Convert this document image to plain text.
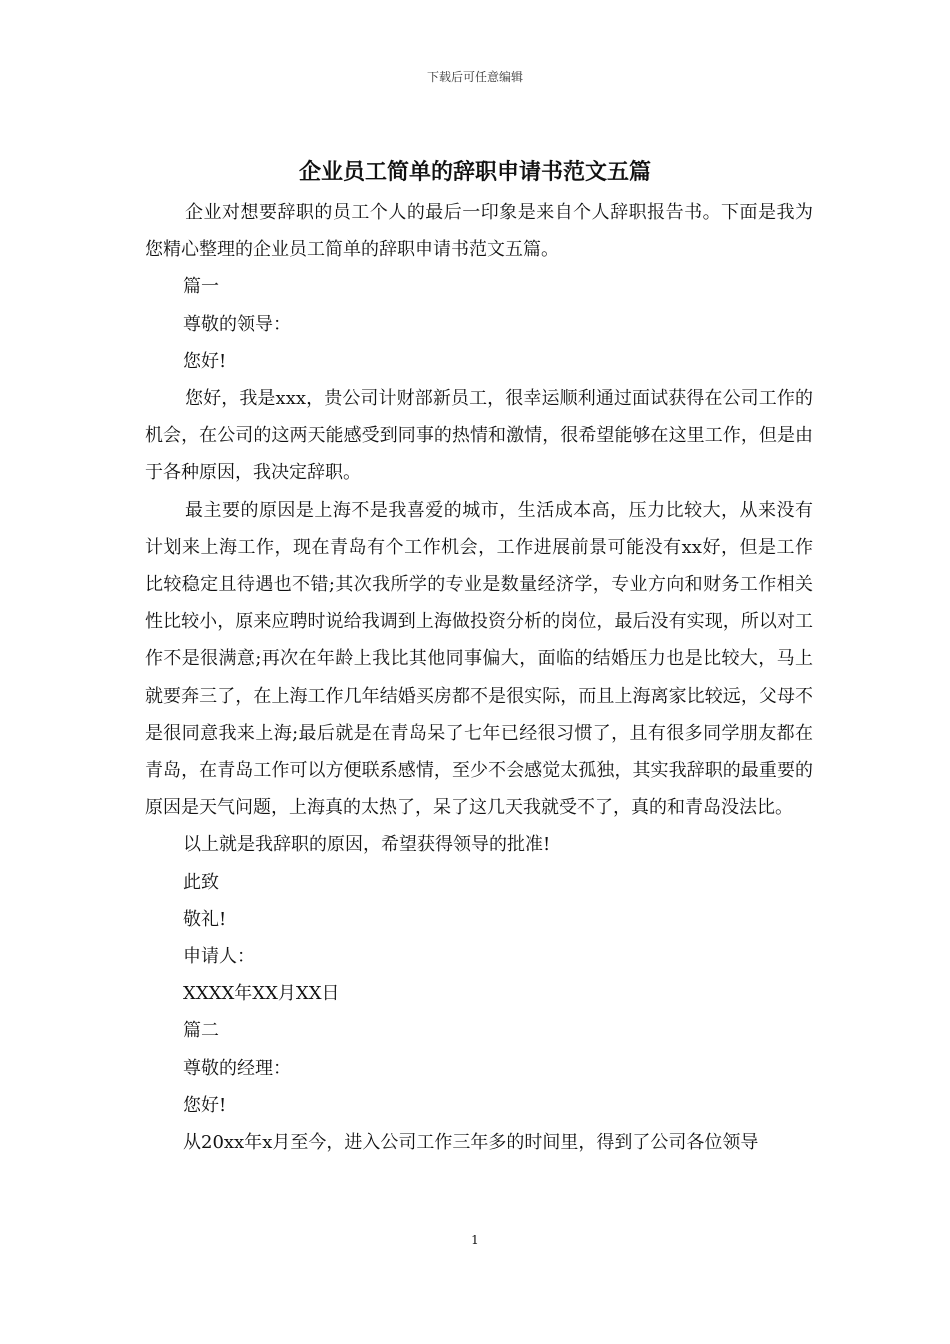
下载后可任意编辑
企业员工简单的辞职申请书范文五篇

企业对想要辞职的员工个人的最后一印象是来自个人辞职报告书。下面是我为您精心整理的企业员工简单的辞职申请书范文五篇。

篇一

尊敬的领导：

您好!

您好，我是xxx，贵公司计财部新员工，很幸运顺利通过面试获得在公司工作的机会，在公司的这两天能感受到同事的热情和激情，很希望能够在这里工作，但是由于各种原因，我决定辞职。

最主要的原因是上海不是我喜爱的城市，生活成本高，压力比较大，从来没有计划来上海工作，现在青岛有个工作机会，工作进展前景可能没有xx好，但是工作比较稳定且待遇也不错;其次我所学的专业是数量经济学，专业方向和财务工作相关性比较小，原来应聘时说给我调到上海做投资分析的岗位，最后没有实现，所以对工作不是很满意;再次在年龄上我比其他同事偏大，面临的结婚压力也是比较大，马上就要奔三了，在上海工作几年结婚买房都不是很实际，而且上海离家比较远，父母不是很同意我来上海;最后就是在青岛呆了七年已经很习惯了，且有很多同学朋友都在青岛，在青岛工作可以方便联系感情，至少不会感觉太孤独，其实我辞职的最重要的原因是天气问题，上海真的太热了，呆了这几天我就受不了，真的和青岛没法比。

以上就是我辞职的原因，希望获得领导的批准!

此致

敬礼!

申请人：

XXXX年XX月XX日

篇二

尊敬的经理：

您好!

从20xx年x月至今，进入公司工作三年多的时间里，得到了公司各位领导

1
